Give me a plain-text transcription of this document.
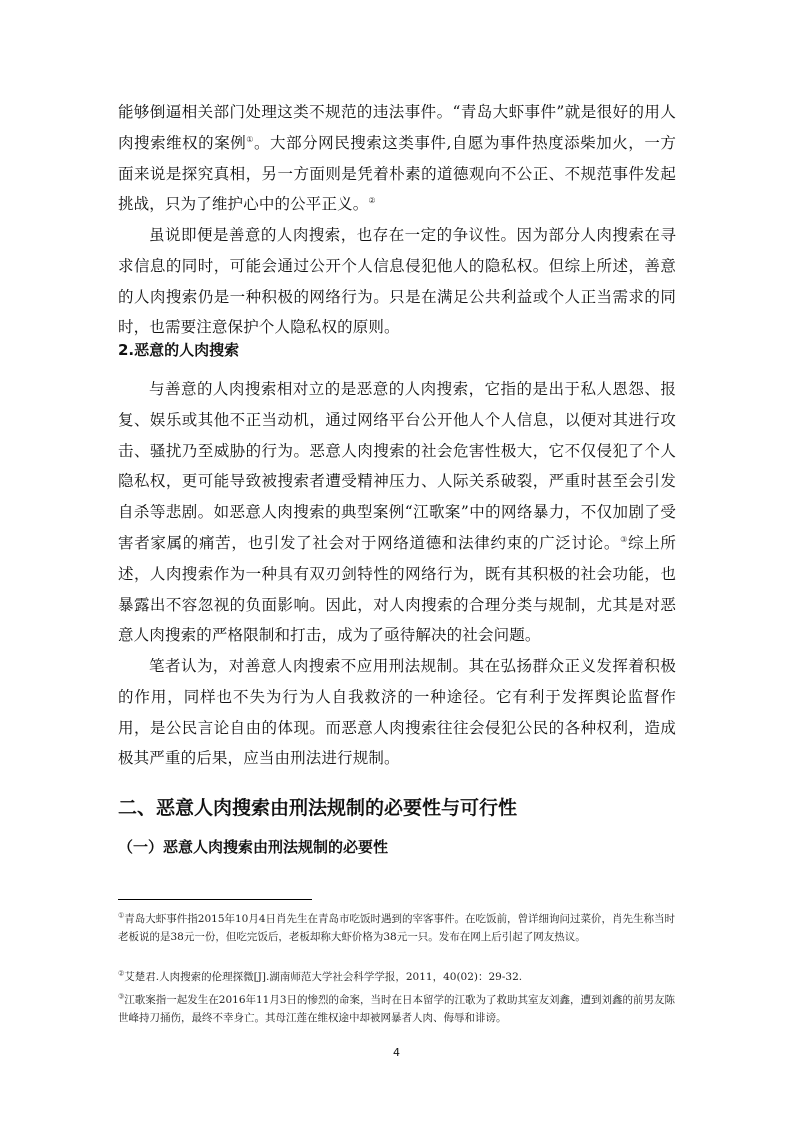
能够倒逼相关部门处理这类不规范的违法事件。“青岛大虾事件”就是很好的用人肉搜索维权的案例①。大部分网民搜索这类事件,自愿为事件热度添柴加火，一方面来说是探究真相，另一方面则是凭着朴素的道德观向不公正、不规范事件发起挑战，只为了维护心中的公平正义。②

虽说即便是善意的人肉搜索，也存在一定的争议性。因为部分人肉搜索在寻求信息的同时，可能会通过公开个人信息侵犯他人的隐私权。但综上所述，善意的人肉搜索仍是一种积极的网络行为。只是在满足公共利益或个人正当需求的同时，也需要注意保护个人隐私权的原则。

2.恶意的人肉搜索

与善意的人肉搜索相对立的是恶意的人肉搜索，它指的是出于私人恩怨、报复、娱乐或其他不正当动机，通过网络平台公开他人个人信息，以便对其进行攻击、骚扰乃至威胁的行为。恶意人肉搜索的社会危害性极大，它不仅侵犯了个人隐私权，更可能导致被搜索者遭受精神压力、人际关系破裂，严重时甚至会引发自杀等悲剧。如恶意人肉搜索的典型案例“江歌案”中的网络暴力，不仅加剧了受害者家属的痛苦，也引发了社会对于网络道德和法律约束的广泛讨论。③综上所述，人肉搜索作为一种具有双刃剑特性的网络行为，既有其积极的社会功能，也暴露出不容忽视的负面影响。因此，对人肉搜索的合理分类与规制，尤其是对恶意人肉搜索的严格限制和打击，成为了亟待解决的社会问题。

笔者认为，对善意人肉搜索不应用刑法规制。其在弘扬群众正义发挥着积极的作用，同样也不失为行为人自我救济的一种途径。它有利于发挥舆论监督作用，是公民言论自由的体现。而恶意人肉搜索往往会侵犯公民的各种权利，造成极其严重的后果，应当由刑法进行规制。

二、恶意人肉搜索由刑法规制的必要性与可行性

（一）恶意人肉搜索由刑法规制的必要性

①青岛大虾事件指2015年10月4日肖先生在青岛市吃饭时遇到的宰客事件。在吃饭前，曾详细询问过菜价，肖先生称当时老板说的是38元一份，但吃完饭后，老板却称大虾价格为38元一只。发布在网上后引起了网友热议。

②艾楚君.人肉搜索的伦理探微[J].湖南师范大学社会科学学报，2011，40(02)：29-32.

③江歌案指一起发生在2016年11月3日的惨烈的命案，当时在日本留学的江歌为了救助其室友刘鑫，遭到刘鑫的前男友陈世峰持刀捅伤，最终不幸身亡。其母江莲在维权途中却被网暴者人肉、侮辱和诽谤。

4
